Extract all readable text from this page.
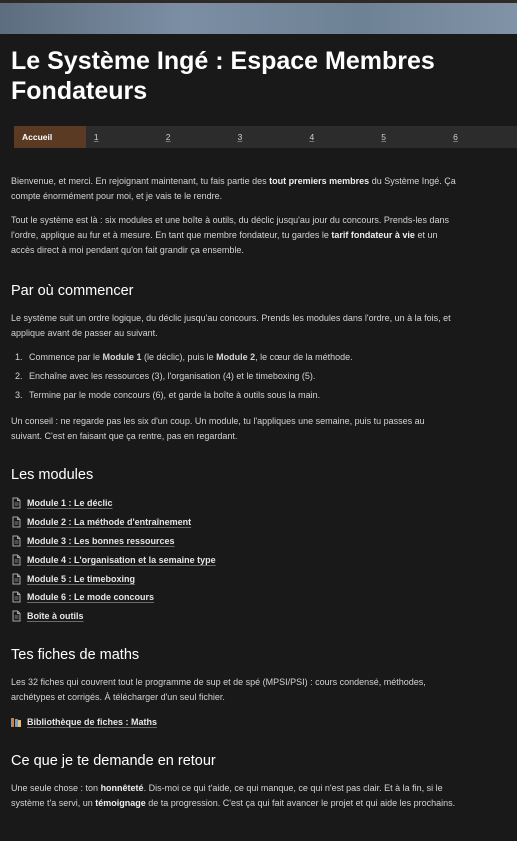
Le Système Ingé : Espace Membres Fondateurs
Accueil	1	2	3	4	5	6

Bienvenue, et merci. En rejoignant maintenant, tu fais partie des tout premiers membres du Système Ingé. Ça compte énormément pour moi, et je vais te le rendre.

Tout le système est là : six modules et une boîte à outils, du déclic jusqu'au jour du concours. Prends-les dans l'ordre, applique au fur et à mesure. En tant que membre fondateur, tu gardes le tarif fondateur à vie et un accès direct à moi pendant qu'on fait grandir ça ensemble.

Par où commencer

Le système suit un ordre logique, du déclic jusqu'au concours. Prends les modules dans l'ordre, un à la fois, et applique avant de passer au suivant.

1. Commence par le Module 1 (le déclic), puis le Module 2, le cœur de la méthode.
2. Enchaîne avec les ressources (3), l'organisation (4) et le timeboxing (5).
3. Termine par le mode concours (6), et garde la boîte à outils sous la main.

Un conseil : ne regarde pas les six d'un coup. Un module, tu l'appliques une semaine, puis tu passes au suivant. C'est en faisant que ça rentre, pas en regardant.

Les modules
Module 1 : Le déclic
Module 2 : La méthode d'entraînement
Module 3 : Les bonnes ressources
Module 4 : L'organisation et la semaine type
Module 5 : Le timeboxing
Module 6 : Le mode concours
Boîte à outils
Tes fiches de maths

Les 32 fiches qui couvrent tout le programme de sup et de spé (MPSI/PSI) : cours condensé, méthodes, archétypes et corrigés. À télécharger d'un seul fichier.

Bibliothèque de fiches : Maths
Ce que je te demande en retour

Une seule chose : ton honnêteté. Dis-moi ce qui t'aide, ce qui manque, ce qui n'est pas clair. Et à la fin, si le système t'a servi, un témoignage de ta progression. C'est ça qui fait avancer le projet et qui aide les prochains.
